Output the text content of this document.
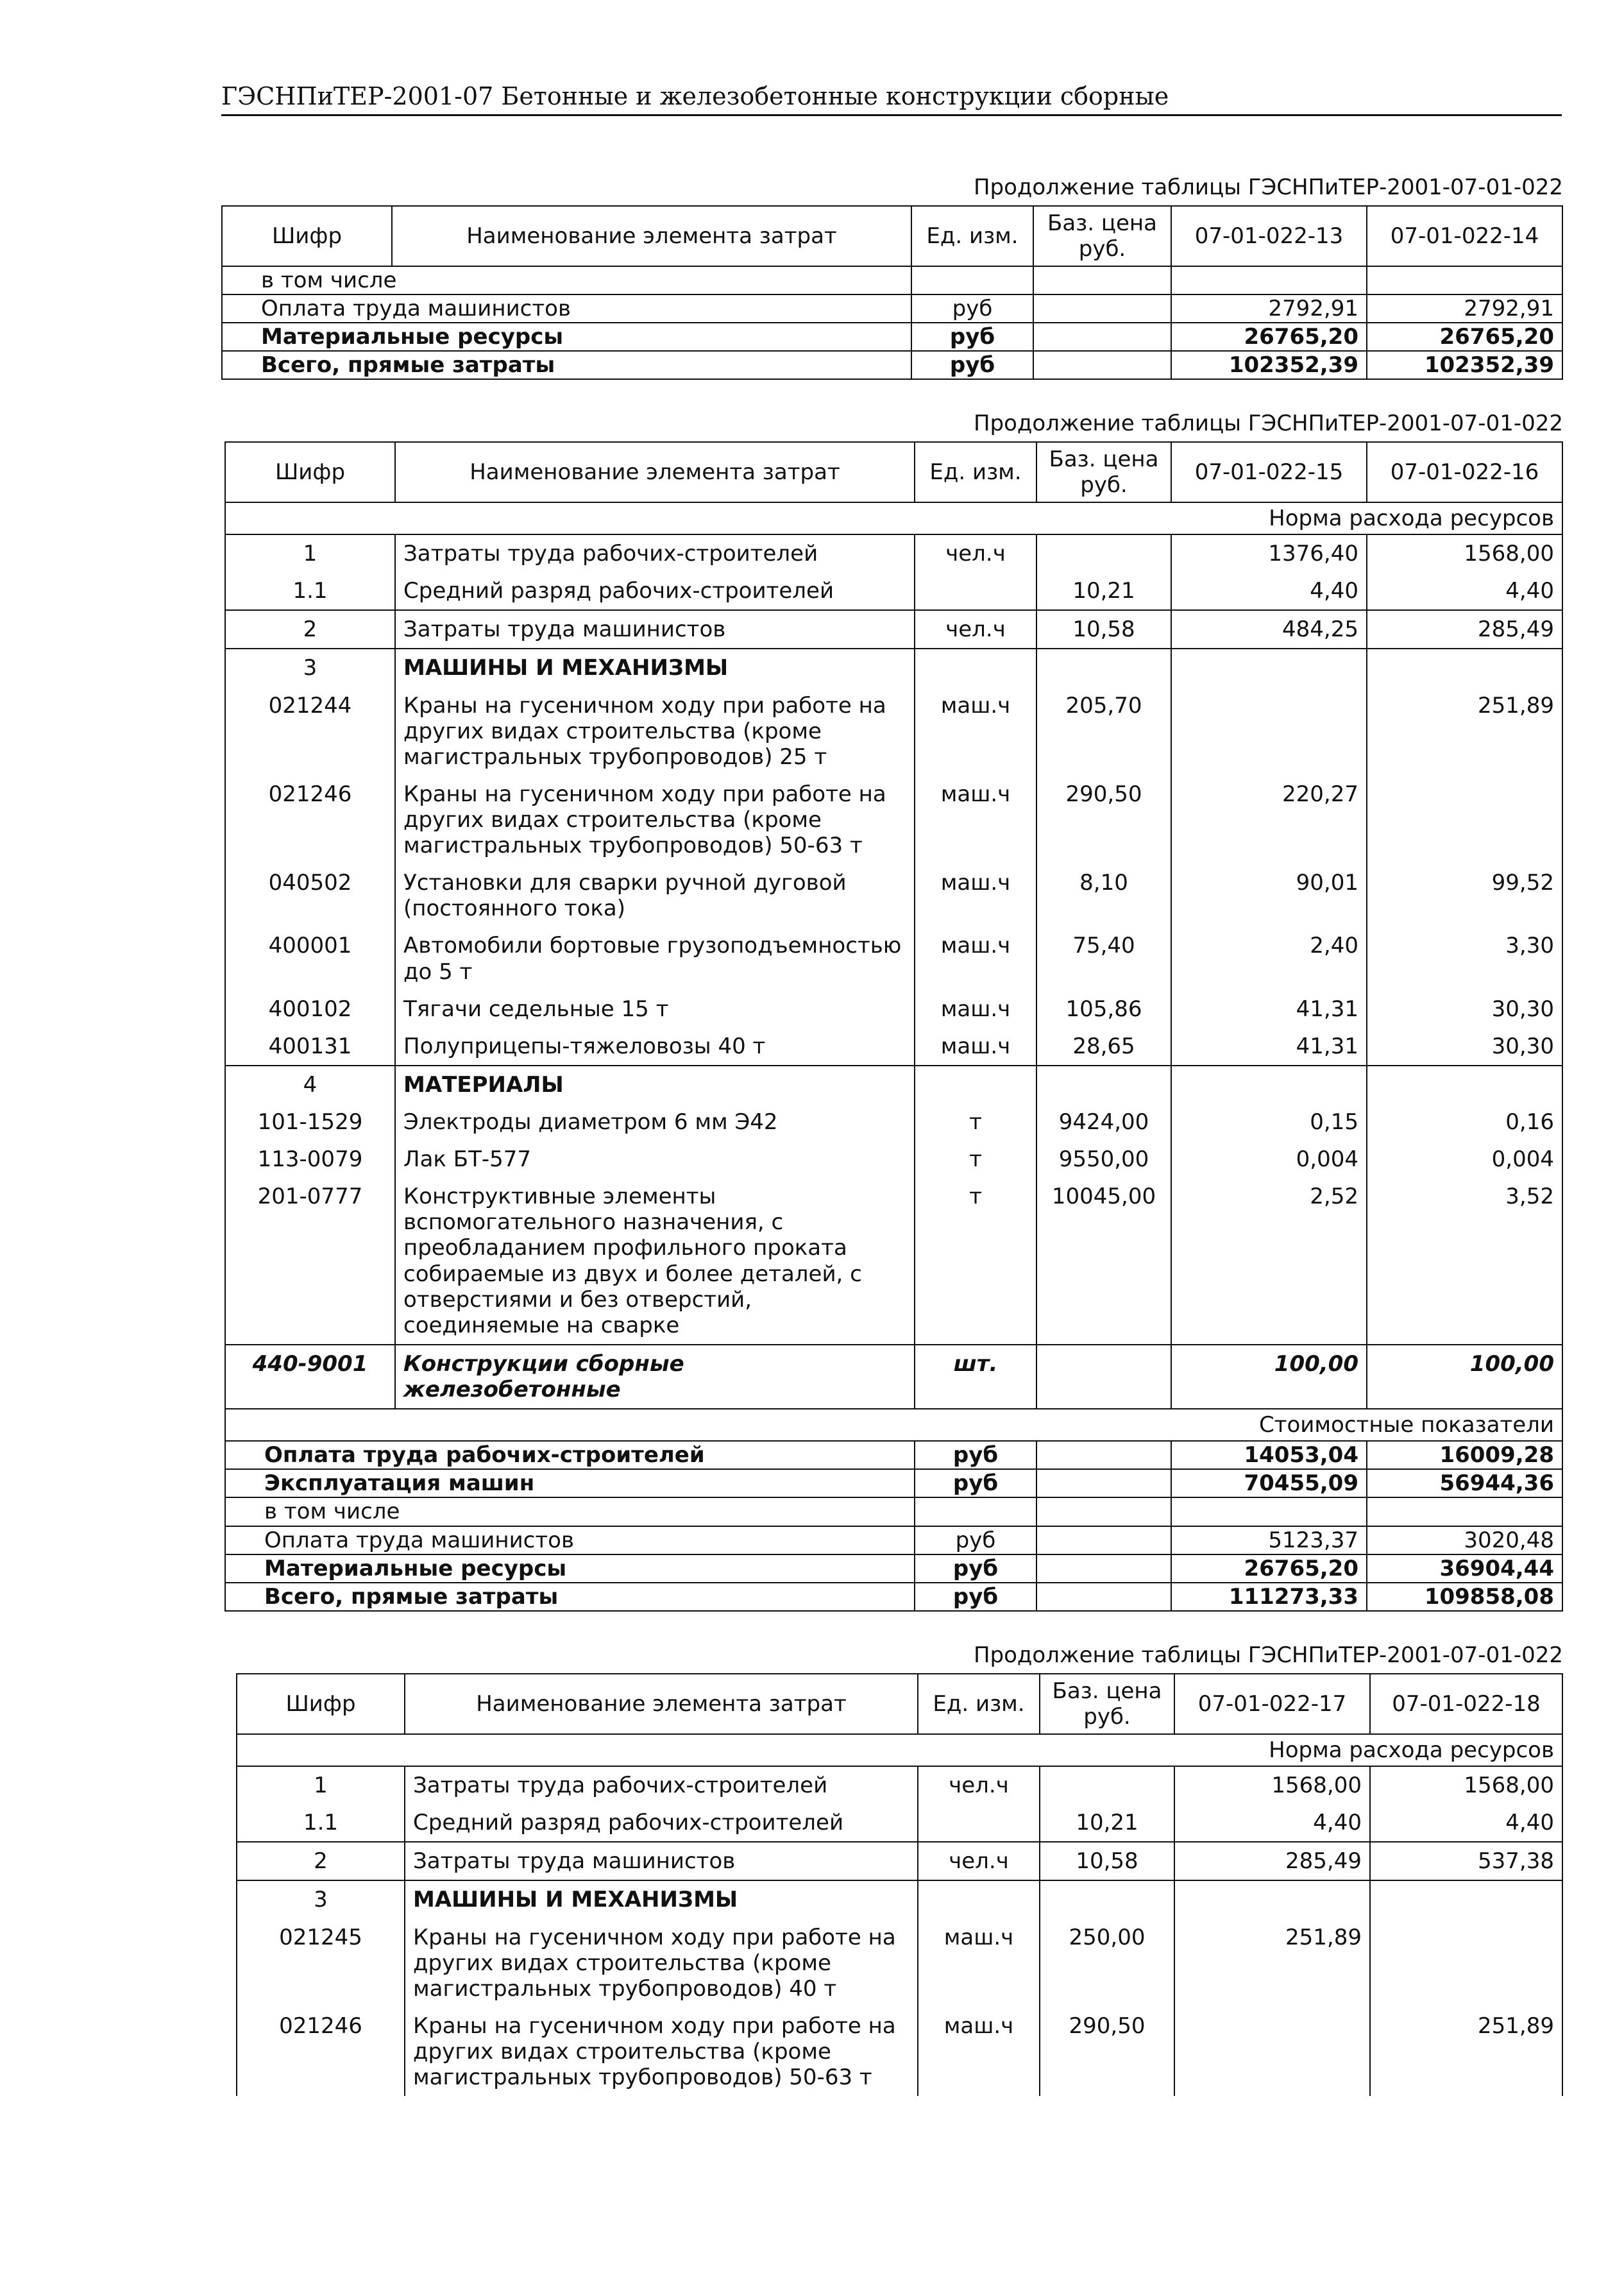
ГЭСНПиТЕР-2001-07 Бетонные и железобетонные конструкции сборные
Продолжение таблицы ГЭСНПиТЕР-2001-07-01-022
Шифр	Наименование элемента затрат	Ед. изм.	Баз. цена руб.	07-01-022-13	07-01-022-14
в том числе					
Оплата труда машинистов		руб		2792,91	2792,91
Материальные ресурсы		руб		26765,20	26765,20
Всего, прямые затраты		руб		102352,39	102352,39
Продолжение таблицы ГЭСНПиТЕР-2001-07-01-022
Шифр	Наименование элемента затрат	Ед. изм.	Баз. цена руб.	07-01-022-15	07-01-022-16
Норма расхода ресурсов					
1	Затраты труда рабочих-строителей	чел.ч		1376,40	1568,00
1.1	Средний разряд рабочих-строителей		10,21	4,40	4,40
2	Затраты труда машинистов	чел.ч	10,58	484,25	285,49
3	МАШИНЫ И МЕХАНИЗМЫ				
021244	Краны на гусеничном ходу при работе на других видах строительства (кроме магистральных трубопроводов) 25 т	маш.ч	205,70		251,89
021246	Краны на гусеничном ходу при работе на других видах строительства (кроме магистральных трубопроводов) 50-63 т	маш.ч	290,50	220,27	
040502	Установки для сварки ручной дуговой (постоянного тока)	маш.ч	8,10	90,01	99,52
400001	Автомобили бортовые грузоподъемностью до 5 т	маш.ч	75,40	2,40	3,30
400102	Тягачи седельные 15 т	маш.ч	105,86	41,31	30,30
400131	Полуприцепы-тяжеловозы 40 т	маш.ч	28,65	41,31	30,30
4	МАТЕРИАЛЫ				
101-1529	Электроды диаметром 6 мм Э42	т	9424,00	0,15	0,16
113-0079	Лак БТ-577	т	9550,00	0,004	0,004
201-0777	Конструктивные элементы вспомогательного назначения, с преобладанием профильного проката собираемые из двух и более деталей, с отверстиями и без отверстий, соединяемые на сварке	т	10045,00	2,52	3,52
440-9001	Конструкции сборные железобетонные	шт.		100,00	100,00
Стоимостные показатели					
Оплата труда рабочих-строителей		руб		14053,04	16009,28
Эксплуатация машин		руб		70455,09	56944,36
в том числе					
Оплата труда машинистов		руб		5123,37	3020,48
Материальные ресурсы		руб		26765,20	36904,44
Всего, прямые затраты		руб		111273,33	109858,08
Продолжение таблицы ГЭСНПиТЕР-2001-07-01-022
Шифр	Наименование элемента затрат	Ед. изм.	Баз. цена руб.	07-01-022-17	07-01-022-18
Норма расхода ресурсов					
1	Затраты труда рабочих-строителей	чел.ч		1568,00	1568,00
1.1	Средний разряд рабочих-строителей		10,21	4,40	4,40
2	Затраты труда машинистов	чел.ч	10,58	285,49	537,38
3	МАШИНЫ И МЕХАНИЗМЫ				
021245	Краны на гусеничном ходу при работе на других видах строительства (кроме магистральных трубопроводов) 40 т	маш.ч	250,00	251,89	
021246	Краны на гусеничном ходу при работе на других видах строительства (кроме магистральных трубопроводов) 50-63 т	маш.ч	290,50		251,89
